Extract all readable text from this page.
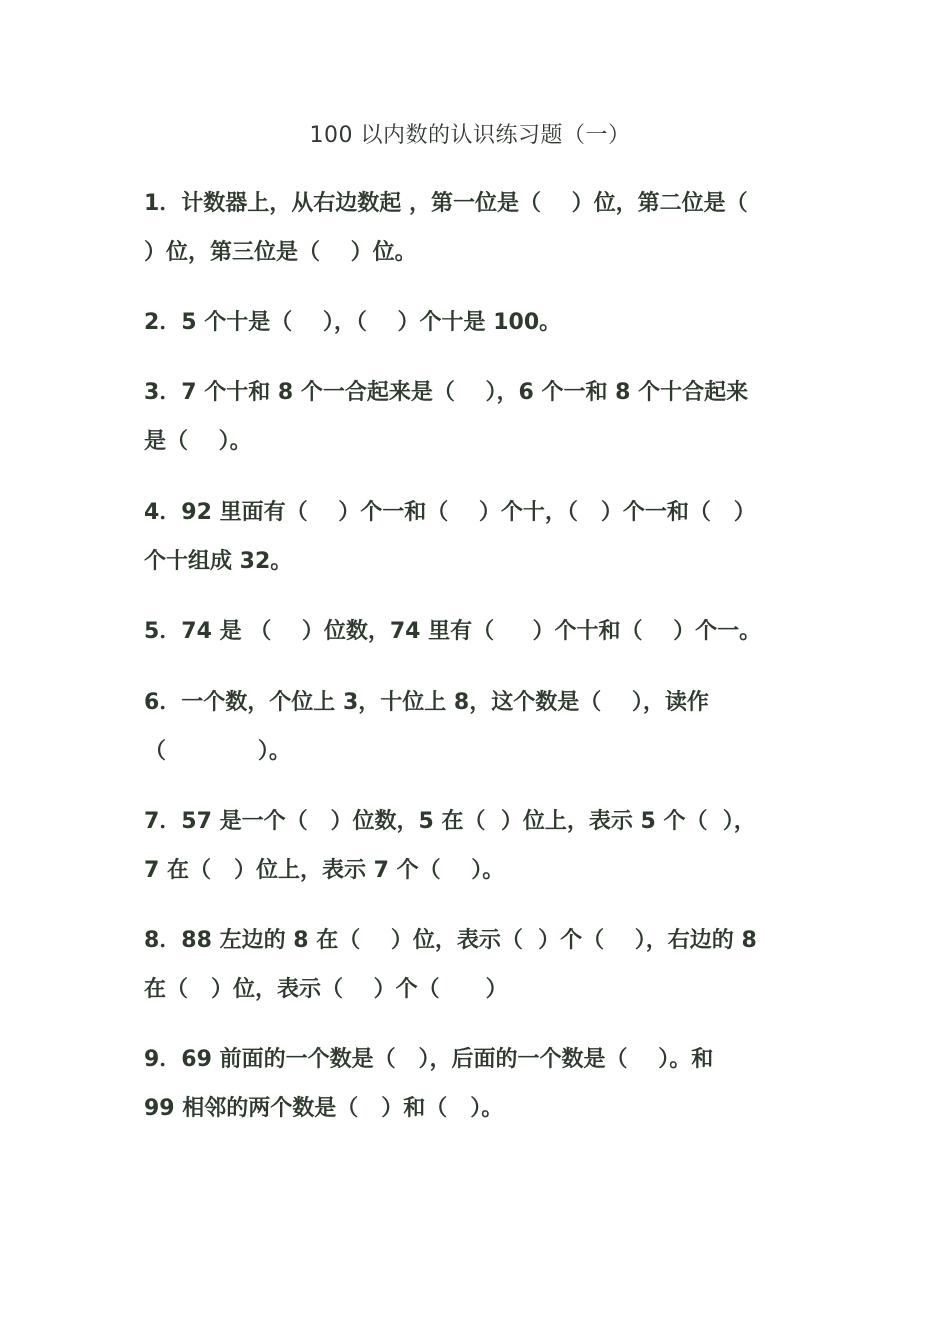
100 以内数的认识练习题（一）
1．计数器上，从右边数起 ，第一位是（    ）位，第二位是（
）位，第三位是（    ）位。
2．5 个十是（    ），（    ）个十是 100。
3．7 个十和 8 个一合起来是（    ），6 个一和 8 个十合起来
是（    ）。
4．92 里面有（    ）个一和（    ）个十，（   ）个一和（   ）
个十组成 32。
5．74 是 （    ）位数，74 里有（     ）个十和（    ）个一。
6．一个数，个位上 3，十位上 8，这个数是（    ），读作
（            ）。
7．57 是一个（   ）位数，5 在（  ）位上，表示 5 个（  ），
7 在（   ）位上，表示 7 个（    ）。
8．88 左边的 8 在（    ）位，表示（  ）个（    ），右边的 8
在（   ）位，表示（    ）个（      ）
9．69 前面的一个数是（   ），后面的一个数是（    ）。和
99 相邻的两个数是（   ）和（   ）。
